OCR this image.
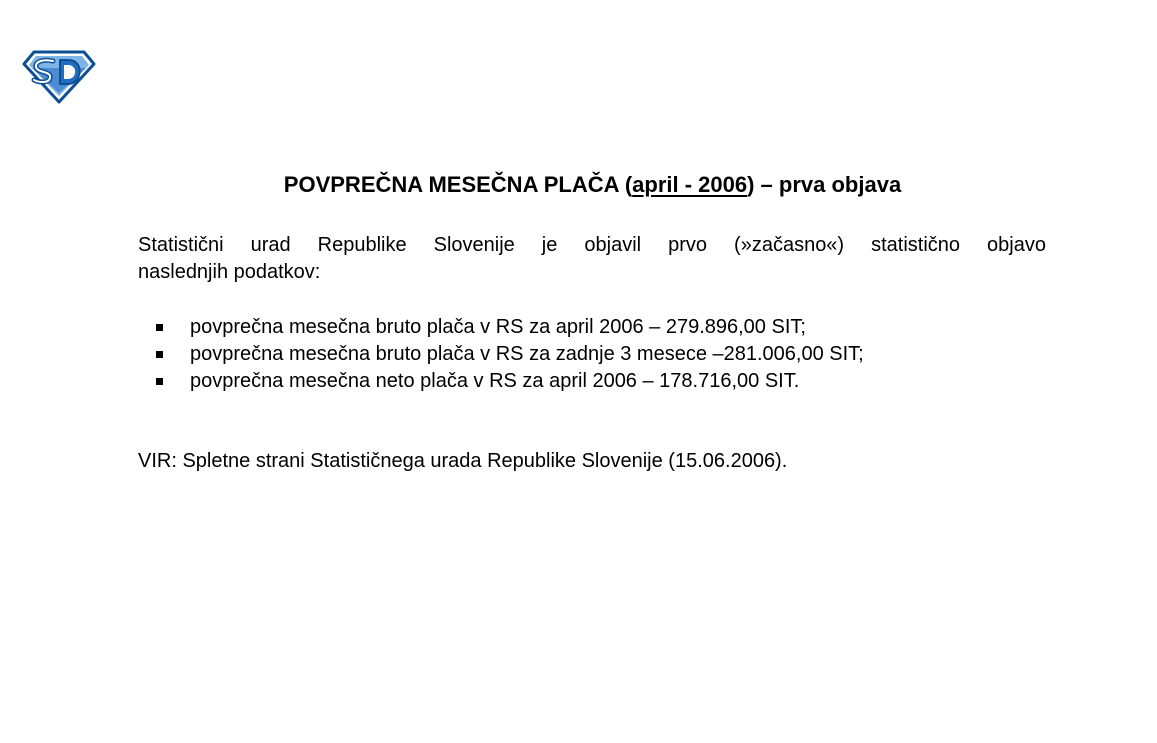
POVPREČNA MESEČNA PLAČA (april - 2006) – prva objava
Statistični urad Republike Slovenije je objavil prvo (»začasno«) statistično objavo
naslednjih podatkov:
povprečna mesečna bruto plača v RS za april 2006 – 279.896,00 SIT;
povprečna mesečna bruto plača v RS za zadnje 3 mesece –281.006,00 SIT;
povprečna mesečna neto plača v RS za april 2006 – 178.716,00 SIT.
VIR: Spletne strani Statističnega urada Republike Slovenije (15.06.2006).
